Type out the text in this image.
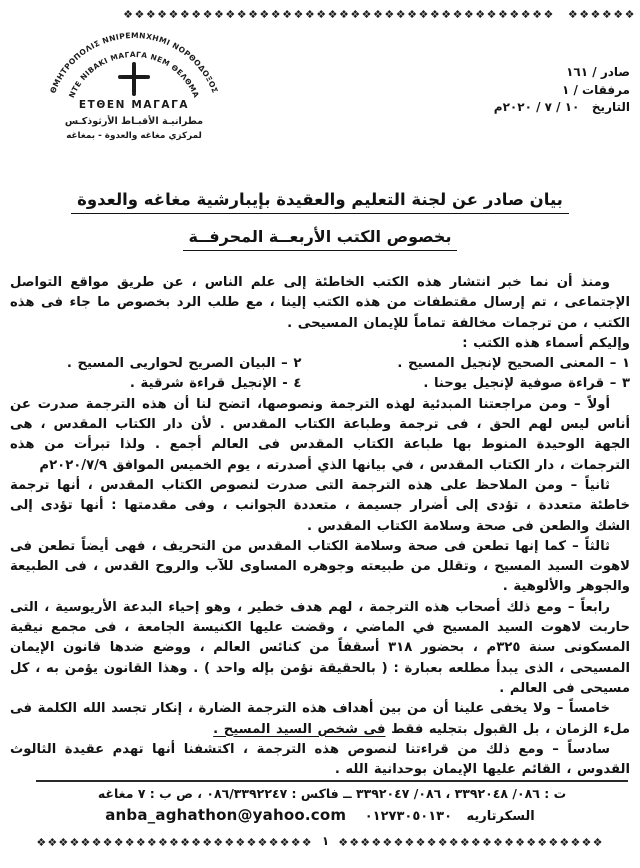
❖❖❖❖❖❖❖❖❖❖❖❖❖❖❖❖❖❖❖❖❖❖❖❖❖❖❖❖❖❖❖❖❖❖❖❖❖❖❖❖❖❖❖❖
ΘΜΗΤΡΟΠΟΛΙΣ ΝΝΙΡΕΜΝΧΗΜΙ ΝΟΡΘΟΔΟΞΟΣ
ΝΤΕ ΝΙΒΑΚΙ ΜΑΓΑΓΑ ΝΕΜ ΘΕΛΘΜΑ
ΕΤΘΕΝ ΜΑΓΑΓΑ
مطرانيـة الأقبـاط الأرثوذكـس
لمركزي مغاغه والعدوة - بمغاغه
صادر / ١٦١
مرفقات / ١
التاريخ   ١٠ / ٧ / ٢٠٢٠م
بيان صادر عن لجنة التعليم والعقيدة بإيبارشية مغاغه والعدوة
بخصوص الكتب الأربعــة المحرفــة

ومنذ أن نما خبر انتشار هذه الكتب الخاطئة إلى علم الناس ، عن طريق مواقع التواصل الإجتماعى ، تم إرسال مقتطفات من هذه الكتب إلينا ، مع طلب الرد بخصوص ما جاء فى هذه الكتب ، من ترجمات مخالفة تماماً للإيمان المسيحى .

وإليكم أسماء هذه الكتب :

١ – المعنى الصحيح لإنجيل المسيح .
٢ – البيان الصريح لحواريى المسيح .
٣ – قراءة صوفية لإنجيل يوحنا .
٤ - الإنجيل قراءة شرقية .

أولاً – ومن مراجعتنا المبدئية لهذه الترجمة ونصوصها، اتضح لنا أن هذه الترجمة صدرت عن أناس ليس لهم الحق ، فى ترجمة وطباعة الكتاب المقدس . لأن دار الكتاب المقدس ، هى الجهة الوحيدة المنوط بها طباعة الكتاب المقدس فى العالم أجمع . ولذا تبرأت من هذه الترجمات ، دار الكتاب المقدس ، في بيانها الذي أصدرته ، يوم الخميس الموافق ٢٠٢٠/٧/٩م

ثانياً – ومن الملاحظ على هذه الترجمة التى صدرت لنصوص الكتاب المقدس ، أنها ترجمة خاطئة متعددة ، تؤدى إلى أضرار جسيمة ، متعددة الجوانب ، وفى مقدمتها : أنها تؤدى إلى الشك والطعن فى صحة وسلامة الكتاب المقدس .

ثالثاً – كما إنها تطعن فى صحة وسلامة الكتاب المقدس من التحريف ، فهى أيضاً تطعن فى لاهوت السيد المسيح ، وتقلل من طبيعته وجوهره المساوى للآب والروح القدس ، فى الطبيعة والجوهر والألوهية .

رابعاً – ومع ذلك أصحاب هذه الترجمة ، لهم هدف خطير ، وهو إحياء البدعة الأريوسية ، التى حاربت لاهوت السيد المسيح في الماضي ، وقضت عليها الكنيسة الجامعة ، فى مجمع نيقية المسكونى سنة ٣٢٥م ، بحضور ٣١٨ أسقفاً من كنائس العالم ، ووضع ضدها قانون الإيمان المسيحى ، الذى يبدأ مطلعه بعبارة : ( بالحقيقة نؤمن بإله واحد ) . وهذا القانون يؤمن به ، كل مسيحى فى العالم .

خامساً – ولا يخفى علينا أن من بين أهداف هذه الترجمة الضارة ، إنكار تجسد الله الكلمة فى ملء الزمان ، بل القبول بتجليه فقط فى شخص السيد المسيح .

سادساً – ومع ذلك من قراءتنا لنصوص هذه الترجمة ، اكتشفنا أنها تهدم عقيدة الثالوث القدوس ، القائم عليها الإيمان بوحدانية الله .

ت : ٠٨٦/ ٣٣٩٢٠٤٨ ، ٠٨٦/ ٣٣٩٢٠٤٧ ــ فاكس : ٠٨٦/٣٣٩٢٢٤٧ ، ص ب : ٧ مغاغه
السكرتاريه ٠١٢٧٣٠٥٠١٣٠ anba_aghathon@yahoo.com
❖❖❖❖❖❖❖❖❖❖❖❖❖❖❖❖❖❖❖❖❖❖❖❖١❖❖❖❖❖❖❖❖❖❖❖❖❖❖❖❖❖❖❖❖❖❖❖❖❖
